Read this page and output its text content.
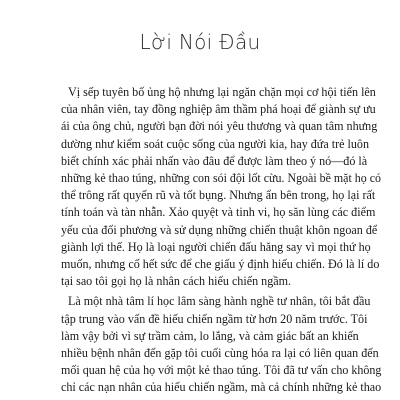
Lời Nói Đầu

Vị sếp tuyên bố ủng hộ nhưng lại ngăn chặn mọi cơ hội tiến lên
của nhân viên, tay đồng nghiệp âm thầm phá hoại để giành sự ưu
ái của ông chủ, người bạn đời nói yêu thương và quan tâm nhưng
dường như kiểm soát cuộc sống của người kia, hay đứa trẻ luôn
biết chính xác phải nhấn vào đâu để được làm theo ý nó—đó là
những kẻ thao túng, những con sói đội lốt cừu. Ngoài bề mặt họ có
thể trông rất quyến rũ và tốt bụng. Nhưng ẩn bên trong, họ lại rất
tính toán và tàn nhẫn. Xảo quyệt và tinh vi, họ săn lùng các điểm
yếu của đối phương và sử dụng những chiến thuật khôn ngoan để
giành lợi thế. Họ là loại người chiến đấu hăng say vì mọi thứ họ
muốn, nhưng cố hết sức để che giấu ý định hiếu chiến. Đó là lí do
tại sao tôi gọi họ là nhân cách hiếu chiến ngầm.

Là một nhà tâm lí học lâm sàng hành nghề tư nhân, tôi bắt đầu
tập trung vào vấn đề hiếu chiến ngầm từ hơn 20 năm trước. Tôi
làm vậy bởi vì sự trầm cảm, lo lắng, và cảm giác bất an khiến
nhiều bệnh nhân đến gặp tôi cuối cùng hóa ra lại có liên quan đến
mối quan hệ của họ với một kẻ thao túng. Tôi đã tư vấn cho không
chỉ các nạn nhân của hiếu chiến ngầm, mà cả chính những kẻ thao
